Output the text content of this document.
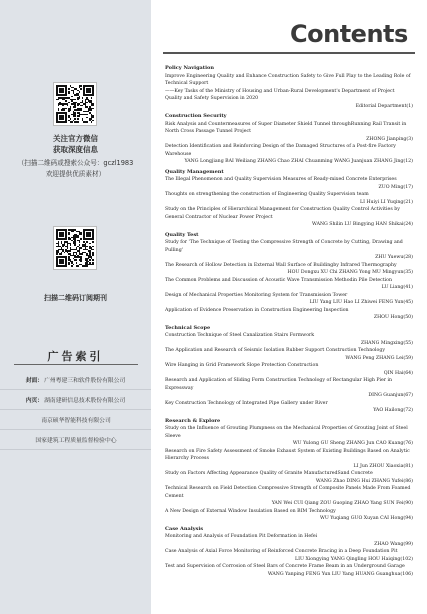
关注官方微信
获取深度信息
（扫描二维码或搜索公众号：gczl1983
欢迎提供优质素材）
扫描二维码订阅期刊
广告索引
封面： 广州粤建三和软件股份有限公司
内页： 湖南建研信息技术股份有限公司
南京硕华智能科技有限公司
国家建筑工程质量监督检验中心
Contents
Policy Navigation
Improve Engineering Quality and Enhance Construction Safety to Give Full Play to the Leading Role of Technical Support
——Key Tasks of the Ministry of Housing and Urban-Rural Development's Department of Project Quality and Safety Supervision in 2020
Editorial Department(1)
Construction Security
Risk Analysis and Countermeasures of Super Diameter Shield Tunnel throughRunning Rail Transit in North Cross Passage Tunnel Project
ZHONG Jianping(3)
Detection Identification and Reinforcing Design of the Damaged Structures of a Post-fire Factory Warehouse
YANG Longjiang BAI Weiliang ZHANG Chao ZHAI Chuanming WANG Juanjuan ZHANG Jing(12)
Quality Management
The Illegal Phenomenon and Quality Supervision Measures of Ready-mixed Concrete Enterprises
ZUO Ming(17)
Thoughts on strengthening the construction of Engineering Quality Supervision team
LI Huiyi LI Yuqing(21)
Study on the Principles of Hierarchical Management for Construction Quality Control Activities by General Contractor of Nuclear Power Project
WANG Shilin LU Bingying HAN Shikai(24)
Quality Test
Study for 'The Technique of Testing the Compressive Strength of Concrete by Cutting, Drawing and Pulling'
ZHU Yuewu(28)
The Research of Hollow Detection in External Wall Surface of Buildingby Infrared Thermography
HOU Dongxu XU Chi ZHANG Yong MU Mingyun(35)
The Common Problems and Discussion of Acoustic Wave Transmission Methodin Pile Detection
LU Liang(41)
Design of Mechanical Properties Monitoring System for Transmission Tower
LIU Yang LIU Hao LI Zhiwei FENG Yun(45)
Application of Evidence Preservation in Construction Engineering Inspection
ZHOU Hong(50)
Technical Scope
Construction Technique of Steel Canalization Stairs Formwork
ZHANG Mingxing(55)
The Application and Research of Seismic Isolation Rubber Support Construction Technology
WANG Peng ZHANG Lei(59)
Wire Hanging in Grid Framework Slope Protection Construction
QIN Hai(64)
Research and Application of Sliding Form Construction Technology of Rectangular High Pier in Expressway
DING Guanjun(67)
Key Construction Technology of Integrated Pipe Gallery under River
YAO Hailong(72)
Research & Explore
Study on the Influence of Grouting Plumpness on the Mechanical Properties of Grouting Joint of Steel Sleeve
WU Yulong GU Sheng ZHANG Jun CAO Kuang(76)
Research on Fire Safety Assessment of Smoke Exhaust System of Existing Buildings Based on Analytic Hierarchy Process
LI Jun ZHOU Xiaoxia(81)
Study on Factors Affecting Appearance Quality of Granite ManufacturedSand Concrete
WANG Zhao DING Hui ZHANG Yufei(86)
Technical Research on Field Detection Compressive Strength of Composite Panels Made From Foamed Cement
YAN Wei CUI Qiang ZOU Guoping ZHAO Yang SUN Fei(90)
A New Design of External Window Insulation Based on BIM Technology
WU Yuqiang GUO Xuyan CAI Hong(94)
Case Analysis
Monitoring and Analysis of Foundation Pit Deformation in Hefei
ZHAO Wang(99)
Case Analysis of Axial Force Monitoring of Reinforced Concrete Bracing in a Deep Foundation Pit
LIU Xiongying YANG Qingling HOU Haiqing(102)
Test and Supervision of Corrosion of Steel Bars of Concrete Frame Beam in an Underground Garage
WANG Yanping FENG Yun LIU Yang HUANG Guanghua(106)
